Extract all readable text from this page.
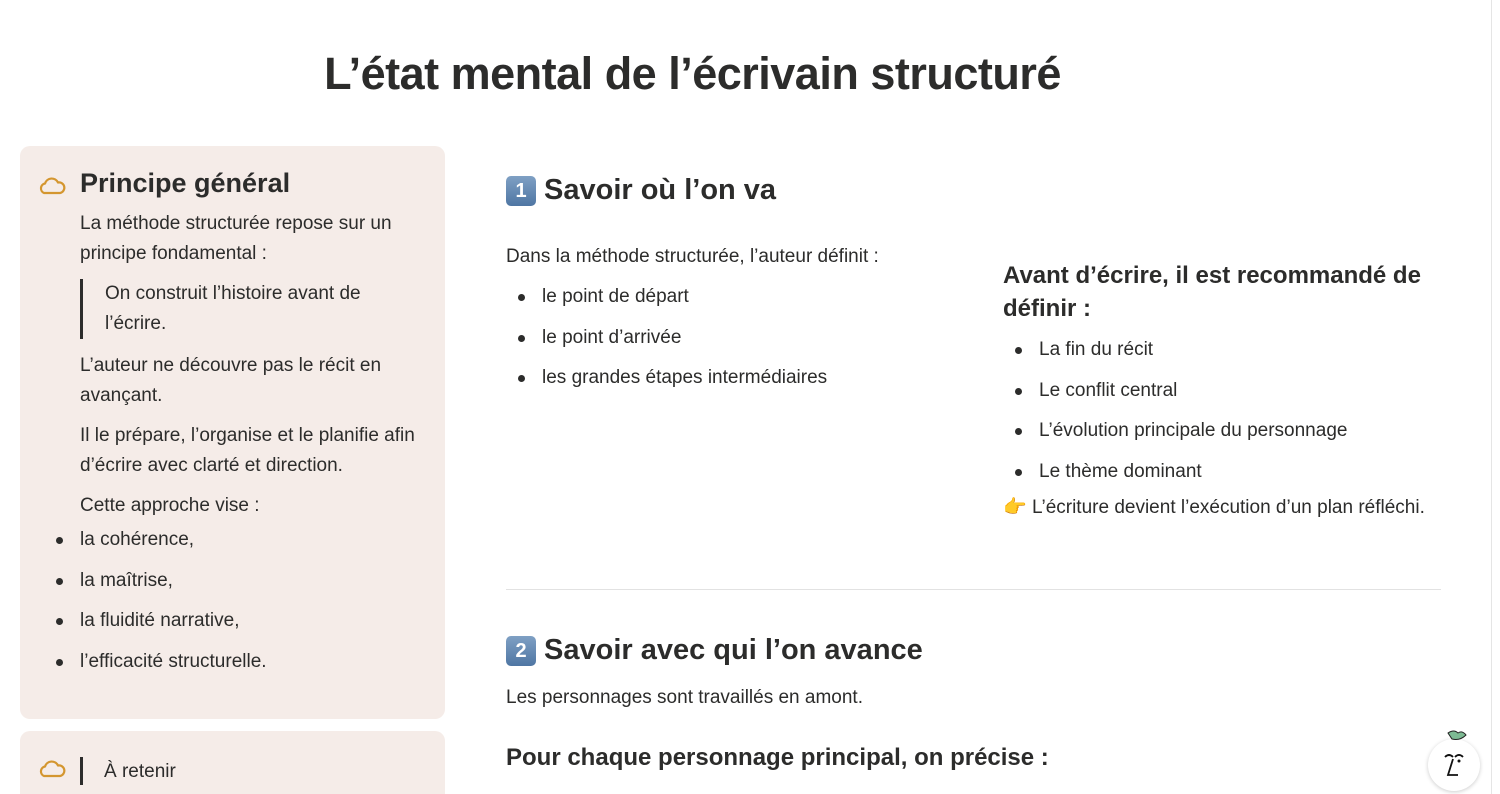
L’état mental de l’écrivain structuré
Principe général

La méthode structurée repose sur un principe fondamental :

On construit l’histoire avant de l’écrire.

L’auteur ne découvre pas le récit en avançant.

Il le prépare, l’organise et le planifie afin d’écrire avec clarté et direction.

Cette approche vise :

la cohérence,
la maîtrise,
la fluidité narrative,
l’efficacité structurelle.
À retenir
1 Savoir où l’on va

Dans la méthode structurée, l’auteur définit :

le point de départ
le point d’arrivée
les grandes étapes intermédiaires
Avant d’écrire, il est recommandé de définir :
La fin du récit
Le conflit central
L’évolution principale du personnage
Le thème dominant

👉 L’écriture devient l’exécution d’un plan réfléchi.

2 Savoir avec qui l’on avance

Les personnages sont travaillés en amont.

Pour chaque personnage principal, on précise :
